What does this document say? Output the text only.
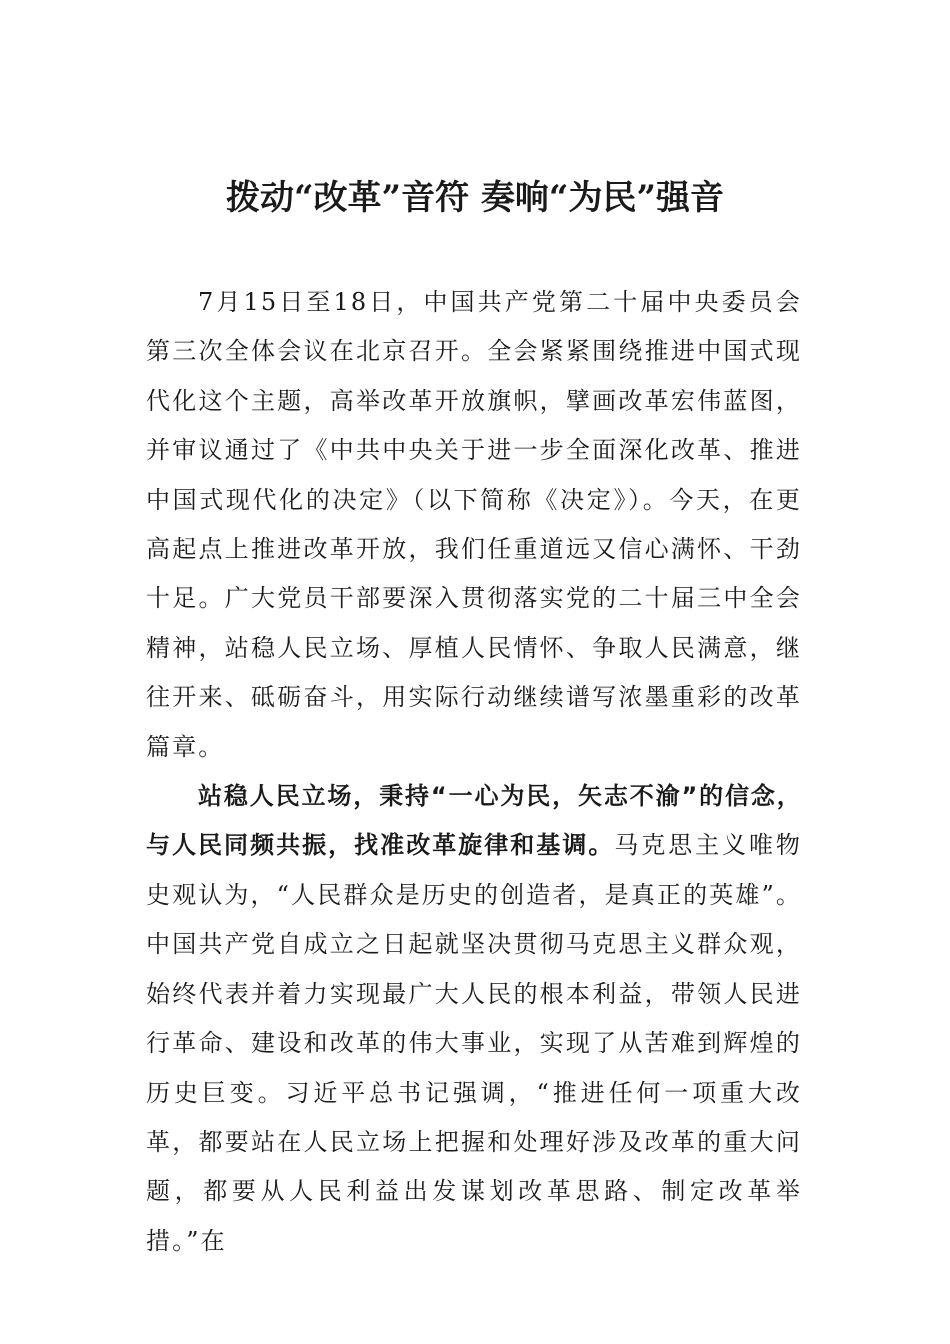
拨动“改革”音符 奏响“为民”强音

7月15日至18日，中国共产党第二十届中央委员会第三次全体会议在北京召开。全会紧紧围绕推进中国式现代化这个主题，高举改革开放旗帜，擘画改革宏伟蓝图，并审议通过了《中共中央关于进一步全面深化改革、推进中国式现代化的决定》（以下简称《决定》）。今天，在更高起点上推进改革开放，我们任重道远又信心满怀、干劲十足。广大党员干部要深入贯彻落实党的二十届三中全会精神，站稳人民立场、厚植人民情怀、争取人民满意，继往开来、砥砺奋斗，用实际行动继续谱写浓墨重彩的改革篇章。

站稳人民立场，秉持“一心为民，矢志不渝”的信念，与人民同频共振，找准改革旋律和基调。马克思主义唯物史观认为，“人民群众是历史的创造者，是真正的英雄”。中国共产党自成立之日起就坚决贯彻马克思主义群众观，始终代表并着力实现最广大人民的根本利益，带领人民进行革命、建设和改革的伟大事业，实现了从苦难到辉煌的历史巨变。习近平总书记强调，“推进任何一项重大改革，都要站在人民立场上把握和处理好涉及改革的重大问题，都要从人民利益出发谋划改革思路、制定改革举措。”在
